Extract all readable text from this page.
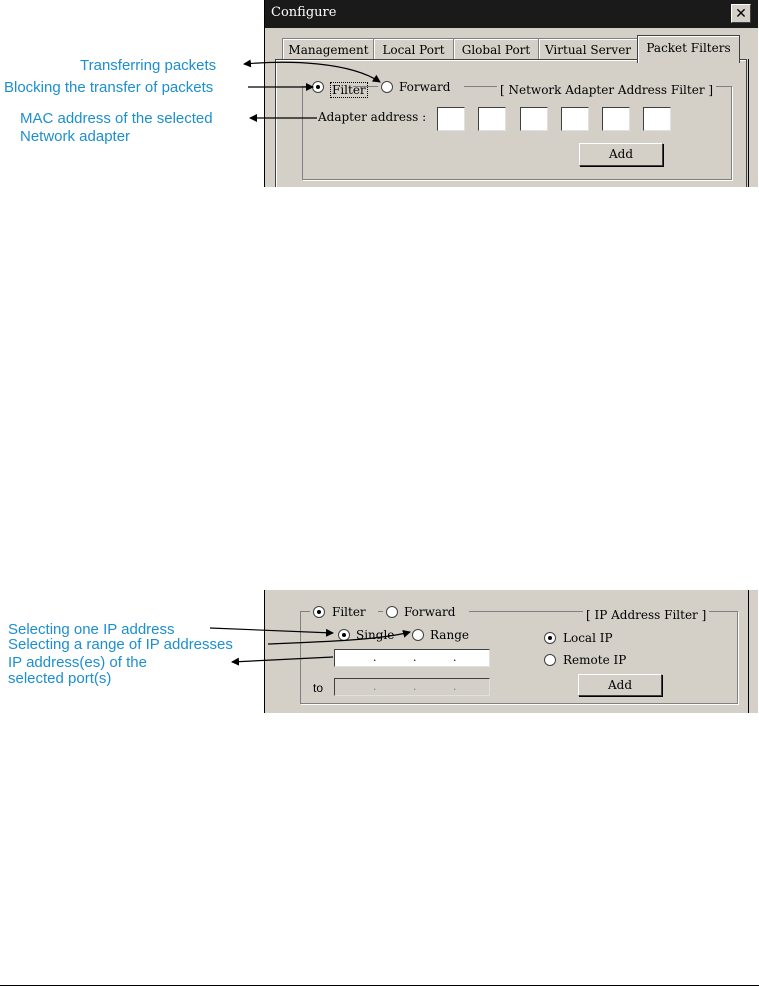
Transferring packets
Blocking the transfer of packets
MAC address of the selected
Network adapter
Configure	✕
Management	Local Port	Global Port	Virtual Server	Packet Filters
Filter	Forward	[ Network Adapter Address Filter ]
Adapter address :
Add
Filter	Forward	[ IP Address Filter ]
Single	Range
.	.	.
to	.	.	.
Local IP
Remote IP
Add
Selecting one IP address
Selecting a range of IP addresses
IP address(es) of the
selected port(s)
